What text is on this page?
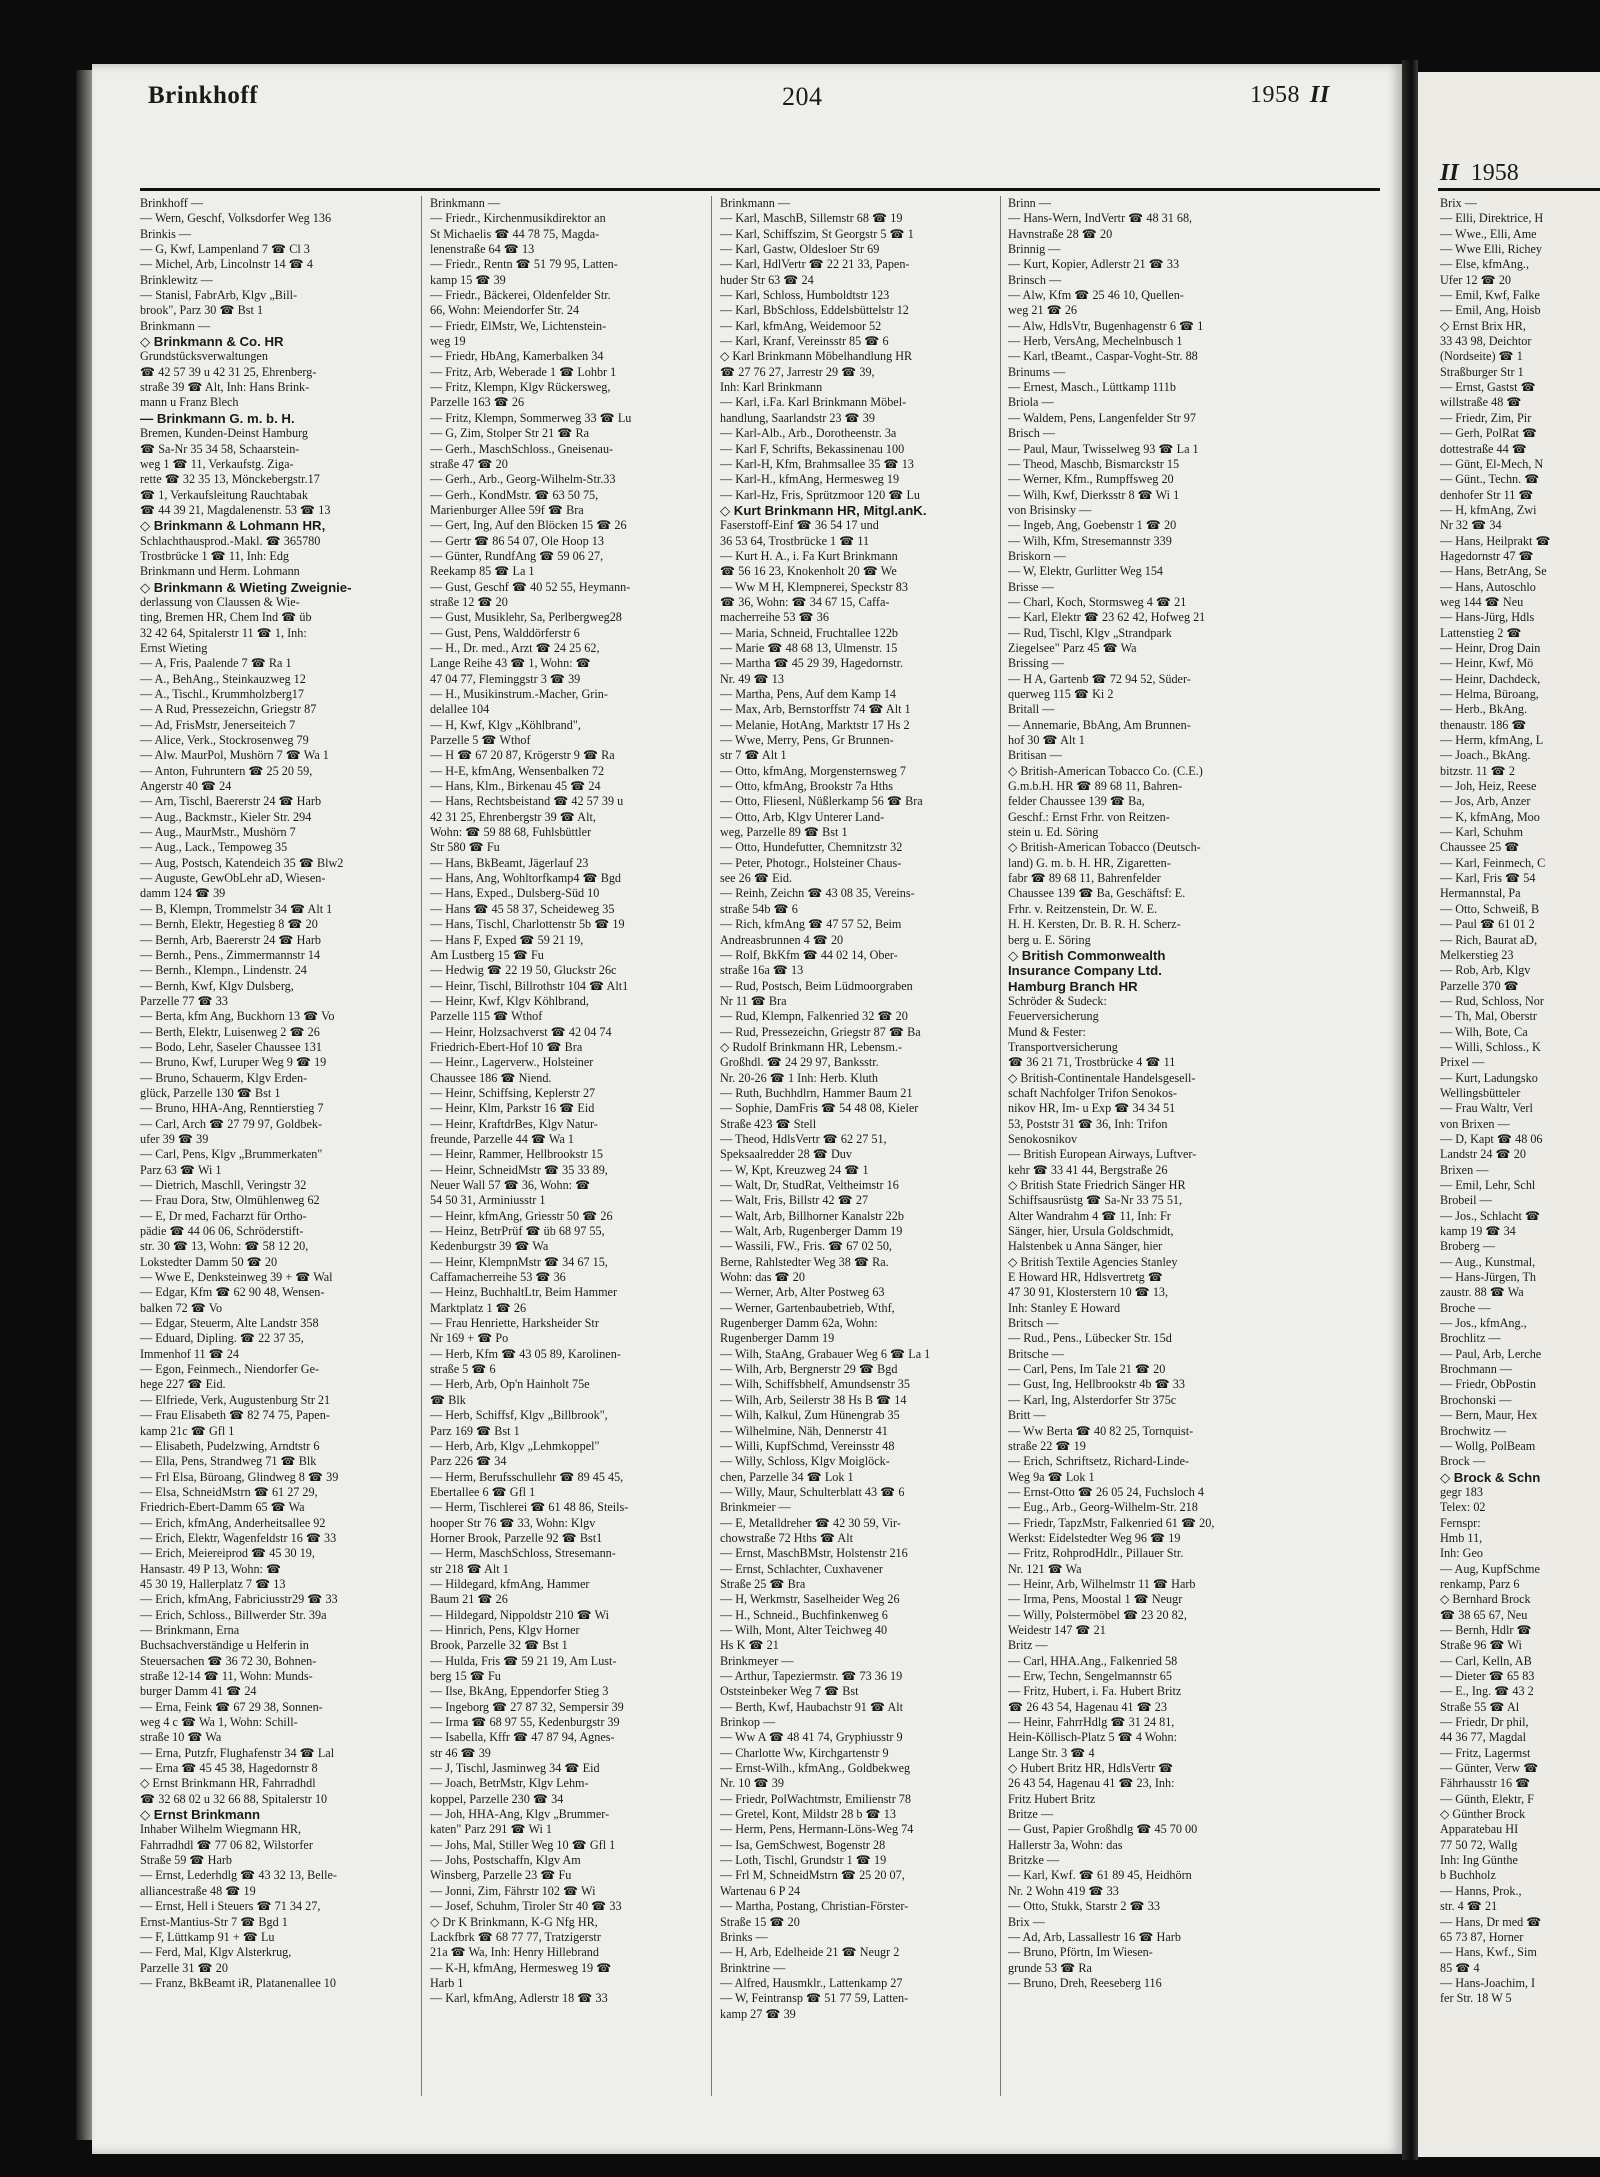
Brinkhoff	204	1958 II
II 1958

Brinkhoff —

— Wern, Geschf, Volksdorfer Weg 136

Brinkis —

— G, Kwf, Lampenland 7 ☎ Cl 3

— Michel, Arb, Lincolnstr 14 ☎ 4

Brinklewitz —

— Stanisl, FabrArb, Klgv „Bill-

brook", Parz 30 ☎ Bst 1

Brinkmann —

◇ Brinkmann & Co. HR

Grundstücksverwaltungen

☎ 42 57 39 u 42 31 25, Ehrenberg-

straße 39 ☎ Alt, Inh: Hans Brink-

mann u Franz Blech

— Brinkmann G. m. b. H.

Bremen, Kunden-Deinst Hamburg

☎ Sa-Nr 35 34 58, Schaarstein-

weg 1 ☎ 11, Verkaufstg. Ziga-

rette ☎ 32 35 13, Mönckebergstr.17

☎ 1, Verkaufsleitung Rauchtabak

☎ 44 39 21, Magdalenenstr. 53 ☎ 13

◇ Brinkmann & Lohmann HR,

Schlachthausprod.-Makl. ☎ 365780

Trostbrücke 1 ☎ 11, Inh: Edg

Brinkmann und Herm. Lohmann

◇ Brinkmann & Wieting Zweignie-

derlassung von Claussen & Wie-

ting, Bremen HR, Chem Ind ☎ üb

32 42 64, Spitalerstr 11 ☎ 1, Inh:

Ernst Wieting

— A, Fris, Paalende 7 ☎ Ra 1

— A., BehAng., Steinkauzweg 12

— A., Tischl., Krummholzberg17

— A Rud, Pressezeichn, Griegstr 87

— Ad, FrisMstr, Jenerseiteich 7

— Alice, Verk., Stockrosenweg 79

— Alw. MaurPol, Mushörn 7 ☎ Wa 1

— Anton, Fuhruntern ☎ 25 20 59,

Angerstr 40 ☎ 24

— Arn, Tischl, Baererstr 24 ☎ Harb

— Aug., Backmstr., Kieler Str. 294

— Aug., MaurMstr., Mushörn 7

— Aug., Lack., Tempoweg 35

— Aug, Postsch, Katendeich 35 ☎ Blw2

— Auguste, GewObLehr aD, Wiesen-

damm 124 ☎ 39

— B, Klempn, Trommelstr 34 ☎ Alt 1

— Bernh, Elektr, Hegestieg 8 ☎ 20

— Bernh, Arb, Baererstr 24 ☎ Harb

— Bernh., Pens., Zimmermannstr 14

— Bernh., Klempn., Lindenstr. 24

— Bernh, Kwf, Klgv Dulsberg,

Parzelle 77 ☎ 33

— Berta, kfm Ang, Buckhorn 13 ☎ Vo

— Berth, Elektr, Luisenweg 2 ☎ 26

— Bodo, Lehr, Saseler Chaussee 131

— Bruno, Kwf, Luruper Weg 9 ☎ 19

— Bruno, Schauerm, Klgv Erden-

glück, Parzelle 130 ☎ Bst 1

— Bruno, HHA-Ang, Renntierstieg 7

— Carl, Arch ☎ 27 79 97, Goldbek-

ufer 39 ☎ 39

— Carl, Pens, Klgv „Brummerkaten"

Parz 63 ☎ Wi 1

— Dietrich, Maschll, Veringstr 32

— Frau Dora, Stw, Olmühlenweg 62

— E, Dr med, Facharzt für Ortho-

pädie ☎ 44 06 06, Schröderstift-

str. 30 ☎ 13, Wohn: ☎ 58 12 20,

Lokstedter Damm 50 ☎ 20

— Wwe E, Denksteinweg 39 + ☎ Wal

— Edgar, Kfm ☎ 62 90 48, Wensen-

balken 72 ☎ Vo

— Edgar, Steuerm, Alte Landstr 358

— Eduard, Dipling. ☎ 22 37 35,

Immenhof 11 ☎ 24

— Egon, Feinmech., Niendorfer Ge-

hege 227 ☎ Eid.

— Elfriede, Verk, Augustenburg Str 21

— Frau Elisabeth ☎ 82 74 75, Papen-

kamp 21c ☎ Gfl 1

— Elisabeth, Pudelzwing, Arndtstr 6

— Ella, Pens, Strandweg 71 ☎ Blk

— Frl Elsa, Büroang, Glindweg 8 ☎ 39

— Elsa, SchneidMstrn ☎ 61 27 29,

Friedrich-Ebert-Damm 65 ☎ Wa

— Erich, kfmAng, Anderheitsallee 92

— Erich, Elektr, Wagenfeldstr 16 ☎ 33

— Erich, Meiereiprod ☎ 45 30 19,

Hansastr. 49 P 13, Wohn: ☎

45 30 19, Hallerplatz 7 ☎ 13

— Erich, kfmAng, Fabriciusstr29 ☎ 33

— Erich, Schloss., Billwerder Str. 39a

— Brinkmann, Erna

Buchsachverständige u Helferin in

Steuersachen ☎ 36 72 30, Bohnen-

straße 12-14 ☎ 11, Wohn: Munds-

burger Damm 41 ☎ 24

— Erna, Feink ☎ 67 29 38, Sonnen-

weg 4 c ☎ Wa 1, Wohn: Schill-

straße 10 ☎ Wa

— Erna, Putzfr, Flughafenstr 34 ☎ Lal

— Erna ☎ 45 45 38, Hagedornstr 8

◇ Ernst Brinkmann HR, Fahrradhdl

☎ 32 68 02 u 32 66 88, Spitalerstr 10

◇ Ernst Brinkmann

Inhaber Wilhelm Wiegmann HR,

Fahrradhdl ☎ 77 06 82, Wilstorfer

Straße 59 ☎ Harb

— Ernst, Lederhdlg ☎ 43 32 13, Belle-

alliancestraße 48 ☎ 19

— Ernst, Hell i Steuers ☎ 71 34 27,

Ernst-Mantius-Str 7 ☎ Bgd 1

— F, Lüttkamp 91 + ☎ Lu

— Ferd, Mal, Klgv Alsterkrug,

Parzelle 31 ☎ 20

— Franz, BkBeamt iR, Platanenallee 10

Brinkmann —

— Friedr., Kirchenmusikdirektor an

St Michaelis ☎ 44 78 75, Magda-

lenenstraße 64 ☎ 13

— Friedr., Rentn ☎ 51 79 95, Latten-

kamp 15 ☎ 39

— Friedr., Bäckerei, Oldenfelder Str.

66, Wohn: Meiendorfer Str. 24

— Friedr, ElMstr, We, Lichtenstein-

weg 19

— Friedr, HbAng, Kamerbalken 34

— Fritz, Arb, Weberade 1 ☎ Lohbr 1

— Fritz, Klempn, Klgv Rückersweg,

Parzelle 163 ☎ 26

— Fritz, Klempn, Sommerweg 33 ☎ Lu

— G, Zim, Stolper Str 21 ☎ Ra

— Gerh., MaschSchloss., Gneisenau-

straße 47 ☎ 20

— Gerh., Arb., Georg-Wilhelm-Str.33

— Gerh., KondMstr. ☎ 63 50 75,

Marienburger Allee 59f ☎ Bra

— Gert, Ing, Auf den Blöcken 15 ☎ 26

— Gertr ☎ 86 54 07, Ole Hoop 13

— Günter, RundfAng ☎ 59 06 27,

Reekamp 85 ☎ La 1

— Gust, Geschf ☎ 40 52 55, Heymann-

straße 12 ☎ 20

— Gust, Musiklehr, Sa, Perlbergweg28

— Gust, Pens, Walddörferstr 6

— H., Dr. med., Arzt ☎ 24 25 62,

Lange Reihe 43 ☎ 1, Wohn: ☎

47 04 77, Fleminggstr 3 ☎ 39

— H., Musikinstrum.-Macher, Grin-

delallee 104

— H, Kwf, Klgv „Köhlbrand",

Parzelle 5 ☎ Wthof

— H ☎ 67 20 87, Krögerstr 9 ☎ Ra

— H-E, kfmAng, Wensenbalken 72

— Hans, Klm., Birkenau 45 ☎ 24

— Hans, Rechtsbeistand ☎ 42 57 39 u

42 31 25, Ehrenbergstr 39 ☎ Alt,

Wohn: ☎ 59 88 68, Fuhlsbüttler

Str 580 ☎ Fu

— Hans, BkBeamt, Jägerlauf 23

— Hans, Ang, Wohltorfkamp4 ☎ Bgd

— Hans, Exped., Dulsberg-Süd 10

— Hans ☎ 45 58 37, Scheideweg 35

— Hans, Tischl, Charlottenstr 5b ☎ 19

— Hans F, Exped ☎ 59 21 19,

Am Lustberg 15 ☎ Fu

— Hedwig ☎ 22 19 50, Gluckstr 26c

— Heinr, Tischl, Billrothstr 104 ☎ Alt1

— Heinr, Kwf, Klgv Köhlbrand,

Parzelle 115 ☎ Wthof

— Heinr, Holzsachverst ☎ 42 04 74

Friedrich-Ebert-Hof 10 ☎ Bra

— Heinr., Lagerverw., Holsteiner

Chaussee 186 ☎ Niend.

— Heinr, Schiffsing, Keplerstr 27

— Heinr, Klm, Parkstr 16 ☎ Eid

— Heinr, KraftdrBes, Klgv Natur-

freunde, Parzelle 44 ☎ Wa 1

— Heinr, Rammer, Hellbrookstr 15

— Heinr, SchneidMstr ☎ 35 33 89,

Neuer Wall 57 ☎ 36, Wohn: ☎

54 50 31, Arminiusstr 1

— Heinr, kfmAng, Griesstr 50 ☎ 26

— Heinz, BetrPrüf ☎ üb 68 97 55,

Kedenburgstr 39 ☎ Wa

— Heinr, KlempnMstr ☎ 34 67 15,

Caffamacherreihe 53 ☎ 36

— Heinz, BuchhaltLtr, Beim Hammer

Marktplatz 1 ☎ 26

— Frau Henriette, Harksheider Str

Nr 169 + ☎ Po

— Herb, Kfm ☎ 43 05 89, Karolinen-

straße 5 ☎ 6

— Herb, Arb, Op'n Hainholt 75e

☎ Blk

— Herb, Schiffsf, Klgv „Billbrook",

Parz 169 ☎ Bst 1

— Herb, Arb, Klgv „Lehmkoppel"

Parz 226 ☎ 34

— Herm, Berufsschullehr ☎ 89 45 45,

Ebertallee 6 ☎ Gfl 1

— Herm, Tischlerei ☎ 61 48 86, Steils-

hooper Str 76 ☎ 33, Wohn: Klgv

Horner Brook, Parzelle 92 ☎ Bst1

— Herm, MaschSchloss, Stresemann-

str 218 ☎ Alt 1

— Hildegard, kfmAng, Hammer

Baum 21 ☎ 26

— Hildegard, Nippoldstr 210 ☎ Wi

— Hinrich, Pens, Klgv Horner

Brook, Parzelle 32 ☎ Bst 1

— Hulda, Fris ☎ 59 21 19, Am Lust-

berg 15 ☎ Fu

— Ilse, BkAng, Eppendorfer Stieg 3

— Ingeborg ☎ 27 87 32, Sempersir 39

— Irma ☎ 68 97 55, Kedenburgstr 39

— Isabella, Kffr ☎ 47 87 94, Agnes-

str 46 ☎ 39

— J, Tischl, Jasminweg 34 ☎ Eid

— Joach, BetrMstr, Klgv Lehm-

koppel, Parzelle 230 ☎ 34

— Joh, HHA-Ang, Klgv „Brummer-

katen" Parz 291 ☎ Wi 1

— Johs, Mal, Stiller Weg 10 ☎ Gfl 1

— Johs, Postschaffn, Klgv Am

Winsberg, Parzelle 23 ☎ Fu

— Jonni, Zim, Fährstr 102 ☎ Wi

— Josef, Schuhm, Tiroler Str 40 ☎ 33

◇ Dr K Brinkmann, K-G Nfg HR,

Lackfbrk ☎ 68 77 77, Tratzigerstr

21a ☎ Wa, Inh: Henry Hillebrand

— K-H, kfmAng, Hermesweg 19 ☎

Harb 1

— Karl, kfmAng, Adlerstr 18 ☎ 33

Brinkmann —

— Karl, MaschB, Sillemstr 68 ☎ 19

— Karl, Schiffszim, St Georgstr 5 ☎ 1

— Karl, Gastw, Oldesloer Str 69

— Karl, HdlVertr ☎ 22 21 33, Papen-

huder Str 63 ☎ 24

— Karl, Schloss, Humboldtstr 123

— Karl, BbSchloss, Eddelsbüttelstr 12

— Karl, kfmAng, Weidemoor 52

— Karl, Kranf, Vereinsstr 85 ☎ 6

◇ Karl Brinkmann Möbelhandlung HR

☎ 27 76 27, Jarrestr 29 ☎ 39,

Inh: Karl Brinkmann

— Karl, i.Fa. Karl Brinkmann Möbel-

handlung, Saarlandstr 23 ☎ 39

— Karl-Alb., Arb., Dorotheenstr. 3a

— Karl F, Schrifts, Bekassinenau 100

— Karl-H, Kfm, Brahmsallee 35 ☎ 13

— Karl-H., kfmAng, Hermesweg 19

— Karl-Hz, Fris, Sprützmoor 120 ☎ Lu

◇ Kurt Brinkmann HR, Mitgl.anK.

Faserstoff-Einf ☎ 36 54 17 und

36 53 64, Trostbrücke 1 ☎ 11

— Kurt H. A., i. Fa Kurt Brinkmann

☎ 56 16 23, Knokenholt 20 ☎ We

— Ww M H, Klempnerei, Speckstr 83

☎ 36, Wohn: ☎ 34 67 15, Caffa-

macherreihe 53 ☎ 36

— Maria, Schneid, Fruchtallee 122b

— Marie ☎ 48 68 13, Ulmenstr. 15

— Martha ☎ 45 29 39, Hagedornstr.

Nr. 49 ☎ 13

— Martha, Pens, Auf dem Kamp 14

— Max, Arb, Bernstorffstr 74 ☎ Alt 1

— Melanie, HotAng, Marktstr 17 Hs 2

— Wwe, Merry, Pens, Gr Brunnen-

str 7 ☎ Alt 1

— Otto, kfmAng, Morgensternsweg 7

— Otto, kfmAng, Brookstr 7a Hths

— Otto, Fliesenl, Nüßlerkamp 56 ☎ Bra

— Otto, Arb, Klgv Unterer Land-

weg, Parzelle 89 ☎ Bst 1

— Otto, Hundefutter, Chemnitzstr 32

— Peter, Photogr., Holsteiner Chaus-

see 26 ☎ Eid.

— Reinh, Zeichn ☎ 43 08 35, Vereins-

straße 54b ☎ 6

— Rich, kfmAng ☎ 47 57 52, Beim

Andreasbrunnen 4 ☎ 20

— Rolf, BkKfm ☎ 44 02 14, Ober-

straße 16a ☎ 13

— Rud, Postsch, Beim Lüdmoorgraben

Nr 11 ☎ Bra

— Rud, Klempn, Falkenried 32 ☎ 20

— Rud, Pressezeichn, Griegstr 87 ☎ Ba

◇ Rudolf Brinkmann HR, Lebensm.-

Großhdl. ☎ 24 29 97, Banksstr.

Nr. 20-26 ☎ 1 Inh: Herb. Kluth

— Ruth, Buchhdlrn, Hammer Baum 21

— Sophie, DamFris ☎ 54 48 08, Kieler

Straße 423 ☎ Stell

— Theod, HdlsVertr ☎ 62 27 51,

Speksaalredder 28 ☎ Duv

— W, Kpt, Kreuzweg 24 ☎ 1

— Walt, Dr, StudRat, Veltheimstr 16

— Walt, Fris, Billstr 42 ☎ 27

— Walt, Arb, Billhorner Kanalstr 22b

— Walt, Arb, Rugenberger Damm 19

— Wassili, FW., Fris. ☎ 67 02 50,

Berne, Rahlstedter Weg 38 ☎ Ra.

Wohn: das ☎ 20

— Werner, Arb, Alter Postweg 63

— Werner, Gartenbaubetrieb, Wthf,

Rugenberger Damm 62a, Wohn:

Rugenberger Damm 19

— Wilh, StaAng, Grabauer Weg 6 ☎ La 1

— Wilh, Arb, Bergnerstr 29 ☎ Bgd

— Wilh, Schiffsbhelf, Amundsenstr 35

— Wilh, Arb, Seilerstr 38 Hs B ☎ 14

— Wilh, Kalkul, Zum Hünengrab 35

— Wilhelmine, Näh, Dennerstr 41

— Willi, KupfSchmd, Vereinsstr 48

— Willy, Schloss, Klgv Moiglöck-

chen, Parzelle 34 ☎ Lok 1

— Willy, Maur, Schulterblatt 43 ☎ 6

Brinkmeier —

— E, Metalldreher ☎ 42 30 59, Vir-

chowstraße 72 Hths ☎ Alt

— Ernst, MaschBMstr, Holstenstr 216

— Ernst, Schlachter, Cuxhavener

Straße 25 ☎ Bra

— H, Werkmstr, Saselheider Weg 26

— H., Schneid., Buchfinkenweg 6

— Wilh, Mont, Alter Teichweg 40

Hs K ☎ 21

Brinkmeyer —

— Arthur, Tapeziermstr. ☎ 73 36 19

Oststeinbeker Weg 7 ☎ Bst

— Berth, Kwf, Haubachstr 91 ☎ Alt

Brinkop —

— Ww A ☎ 48 41 74, Gryphiusstr 9

— Charlotte Ww, Kirchgartenstr 9

— Ernst-Wilh., kfmAng., Goldbekweg

Nr. 10 ☎ 39

— Friedr, PolWachtmstr, Emilienstr 78

— Gretel, Kont, Mildstr 28 b ☎ 13

— Herm, Pens, Hermann-Löns-Weg 74

— Isa, GemSchwest, Bogenstr 28

— Loth, Tischl, Grundstr 1 ☎ 19

— Frl M, SchneidMstrn ☎ 25 20 07,

Wartenau 6 P 24

— Martha, Postang, Christian-Förster-

Straße 15 ☎ 20

Brinks —

— H, Arb, Edelheide 21 ☎ Neugr 2

Brinktrine —

— Alfred, Hausmklr., Lattenkamp 27

— W, Feintransp ☎ 51 77 59, Latten-

kamp 27 ☎ 39

Brinn —

— Hans-Wern, IndVertr ☎ 48 31 68,

Havnstraße 28 ☎ 20

Brinnig —

— Kurt, Kopier, Adlerstr 21 ☎ 33

Brinsch —

— Alw, Kfm ☎ 25 46 10, Quellen-

weg 21 ☎ 26

— Alw, HdlsVtr, Bugenhagenstr 6 ☎ 1

— Herb, VersAng, Mechelnbusch 1

— Karl, tBeamt., Caspar-Voght-Str. 88

Brinums —

— Ernest, Masch., Lüttkamp 111b

Briola —

— Waldem, Pens, Langenfelder Str 97

Brisch —

— Paul, Maur, Twisselweg 93 ☎ La 1

— Theod, Maschb, Bismarckstr 15

— Werner, Kfm., Rumpffsweg 20

— Wilh, Kwf, Dierksstr 8 ☎ Wi 1

von Brisinsky —

— Ingeb, Ang, Goebenstr 1 ☎ 20

— Wilh, Kfm, Stresemannstr 339

Briskorn —

— W, Elektr, Gurlitter Weg 154

Brisse —

— Charl, Koch, Stormsweg 4 ☎ 21

— Karl, Elektr ☎ 23 62 42, Hofweg 21

— Rud, Tischl, Klgv „Strandpark

Ziegelsee" Parz 45 ☎ Wa

Brissing —

— H A, Gartenb ☎ 72 94 52, Süder-

querweg 115 ☎ Ki 2

Britall —

— Annemarie, BbAng, Am Brunnen-

hof 30 ☎ Alt 1

Britisan —

◇ British-American Tobacco Co. (C.E.)

G.m.b.H. HR ☎ 89 68 11, Bahren-

felder Chaussee 139 ☎ Ba,

Geschf.: Ernst Frhr. von Reitzen-

stein u. Ed. Söring

◇ British-American Tobacco (Deutsch-

land) G. m. b. H. HR, Zigaretten-

fabr ☎ 89 68 11, Bahrenfelder

Chaussee 139 ☎ Ba, Geschäftsf: E.

Frhr. v. Reitzenstein, Dr. W. E.

H. H. Kersten, Dr. B. R. H. Scherz-

berg u. E. Söring

◇ British Commonwealth

Insurance Company Ltd.

Hamburg Branch HR

Schröder & Sudeck:

Feuerversicherung

Mund & Fester:

Transportversicherung

☎ 36 21 71, Trostbrücke 4 ☎ 11

◇ British-Continentale Handelsgesell-

schaft Nachfolger Trifon Senokos-

nikov HR, Im- u Exp ☎ 34 34 51

53, Poststr 31 ☎ 36, Inh: Trifon

Senokosnikov

— British European Airways, Luftver-

kehr ☎ 33 41 44, Bergstraße 26

◇ British State Friedrich Sänger HR

Schiffsausrüstg ☎ Sa-Nr 33 75 51,

Alter Wandrahm 4 ☎ 11, Inh: Fr

Sänger, hier, Ursula Goldschmidt,

Halstenbek u Anna Sänger, hier

◇ British Textile Agencies Stanley

E Howard HR, Hdlsvertretg ☎

47 30 91, Klosterstern 10 ☎ 13,

Inh: Stanley E Howard

Britsch —

— Rud., Pens., Lübecker Str. 15d

Britsche —

— Carl, Pens, Im Tale 21 ☎ 20

— Gust, Ing, Hellbrookstr 4b ☎ 33

— Karl, Ing, Alsterdorfer Str 375c

Britt —

— Ww Berta ☎ 40 82 25, Tornquist-

straße 22 ☎ 19

— Erich, Schriftsetz, Richard-Linde-

Weg 9a ☎ Lok 1

— Ernst-Otto ☎ 26 05 24, Fuchsloch 4

— Eug., Arb., Georg-Wilhelm-Str. 218

— Friedr, TapzMstr, Falkenried 61 ☎ 20,

Werkst: Eidelstedter Weg 96 ☎ 19

— Fritz, RohprodHdlr., Pillauer Str.

Nr. 121 ☎ Wa

— Heinr, Arb, Wilhelmstr 11 ☎ Harb

— Irma, Pens, Moostal 1 ☎ Neugr

— Willy, Polstermöbel ☎ 23 20 82,

Weidestr 147 ☎ 21

Britz —

— Carl, HHA.Ang., Falkenried 58

— Erw, Techn, Sengelmannstr 65

— Fritz, Hubert, i. Fa. Hubert Britz

☎ 26 43 54, Hagenau 41 ☎ 23

— Heinr, FahrrHdlg ☎ 31 24 81,

Hein-Köllisch-Platz 5 ☎ 4 Wohn:

Lange Str. 3 ☎ 4

◇ Hubert Britz HR, HdlsVertr ☎

26 43 54, Hagenau 41 ☎ 23, Inh:

Fritz Hubert Britz

Britze —

— Gust, Papier Großhdlg ☎ 45 70 00

Hallerstr 3a, Wohn: das

Britzke —

— Karl, Kwf. ☎ 61 89 45, Heidhörn

Nr. 2 Wohn 419 ☎ 33

— Otto, Stukk, Starstr 2 ☎ 33

Brix —

— Ad, Arb, Lassallestr 16 ☎ Harb

— Bruno, Pförtn, Im Wiesen-

grunde 53 ☎ Ra

— Bruno, Dreh, Reeseberg 116

Brix —

— Elli, Direktrice, H

— Wwe., Elli, Ame

— Wwe Elli, Richey

— Else, kfmAng.,

Ufer 12 ☎ 20

— Emil, Kwf, Falke

— Emil, Ang, Hoisb

◇ Ernst Brix HR,

33 43 98, Deichtor

(Nordseite) ☎ 1

Straßburger Str 1

— Ernst, Gastst ☎

willstraße 48 ☎

— Friedr, Zim, Pir

— Gerh, PolRat ☎

dottestraße 44 ☎

— Günt, El-Mech, N

— Günt., Techn. ☎

denhofer Str 11 ☎

— H, kfmAng, Zwi

Nr 32 ☎ 34

— Hans, Heilprakt ☎

Hagedornstr 47 ☎

— Hans, BetrAng, Se

— Hans, Autoschlo

weg 144 ☎ Neu

— Hans-Jürg, Hdls

Lattenstieg 2 ☎

— Heinr, Drog Dain

— Heinr, Kwf, Mö

— Heinr, Dachdeck,

— Helma, Büroang,

— Herb., BkAng.

thenaustr. 186 ☎

— Herm, kfmAng, L

— Joach., BkAng.

bitzstr. 11 ☎ 2

— Joh, Heiz, Reese

— Jos, Arb, Anzer

— K, kfmAng, Moo

— Karl, Schuhm

Chaussee 25 ☎

— Karl, Feinmech, C

— Karl, Fris ☎ 54

Hermannstal, Pa

— Otto, Schweiß, B

— Paul ☎ 61 01 2

— Rich, Baurat aD,

Melkerstieg 23

— Rob, Arb, Klgv

Parzelle 370 ☎

— Rud, Schloss, Nor

— Th, Mal, Oberstr

— Wilh, Bote, Ca

— Willi, Schloss., K

Prixel —

— Kurt, Ladungsko

Wellingsbütteler

— Frau Waltr, Verl

von Brixen —

— D, Kapt ☎ 48 06

Landstr 24 ☎ 20

Brixen —

— Emil, Lehr, Schl

Brobeil —

— Jos., Schlacht ☎

kamp 19 ☎ 34

Broberg —

— Aug., Kunstmal,

— Hans-Jürgen, Th

zaustr. 88 ☎ Wa

Broche —

— Jos., kfmAng.,

Brochlitz —

— Paul, Arb, Lerche

Brochmann —

— Friedr, ObPostin

Brochonski —

— Bern, Maur, Hex

Brochwitz —

— Wollg, PolBeam

Brock —

◇ Brock & Schn

gegr 183

Telex: 02

Fernspr:

Hmb 11,

Inh: Geo

— Aug, KupfSchme

renkamp, Parz 6

◇ Bernhard Brock

☎ 38 65 67, Neu

— Bernh, Hdlr ☎

Straße 96 ☎ Wi

— Carl, Kelln, AB

— Dieter ☎ 65 83

— E., Ing. ☎ 43 2

Straße 55 ☎ Al

— Friedr, Dr phil,

44 36 77, Magdal

— Fritz, Lagermst

— Günter, Verw ☎

Fährhausstr 16 ☎

— Günth, Elektr, F

◇ Günther Brock

Apparatebau HI

77 50 72, Wallg

Inh: Ing Günthe

b Buchholz

— Hanns, Prok.,

str. 4 ☎ 21

— Hans, Dr med ☎

65 73 87, Horner

— Hans, Kwf., Sim

85 ☎ 4

— Hans-Joachim, I

fer Str. 18 W 5
